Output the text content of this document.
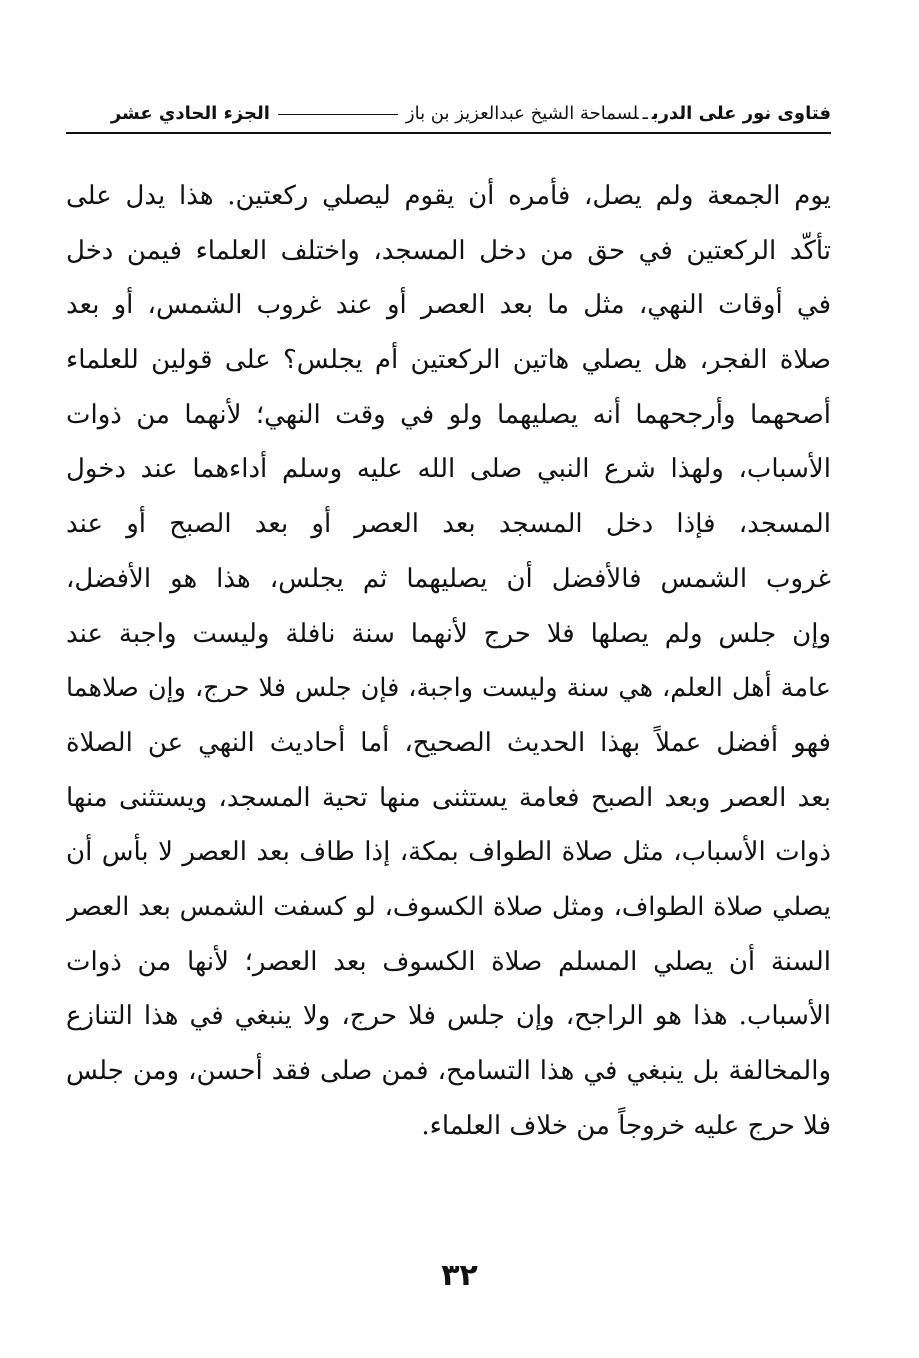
فتاوى نور على الدربـلسماحة الشيخ عبدالعزيز بن بازالجزء الحادي عشر
يوم الجمعة ولم يصل، فأمره أن يقوم ليصلي ركعتين. هذا يدل على
تأكّد الركعتين في حق من دخل المسجد، واختلف العلماء فيمن دخل
في أوقات النهي، مثل ما بعد العصر أو عند غروب الشمس، أو بعد
صلاة الفجر، هل يصلي هاتين الركعتين أم يجلس؟ على قولين للعلماء
أصحهما وأرجحهما أنه يصليهما ولو في وقت النهي؛ لأنهما من ذوات
الأسباب، ولهذا شرع النبي صلى الله عليه وسلم أداءهما عند دخول
المسجد، فإذا دخل المسجد بعد العصر أو بعد الصبح أو عند
غروب الشمس فالأفضل أن يصليهما ثم يجلس، هذا هو الأفضل،
وإن جلس ولم يصلها فلا حرج لأنهما سنة نافلة وليست واجبة عند
عامة أهل العلم، هي سنة وليست واجبة، فإن جلس فلا حرج، وإن صلاهما
فهو أفضل عملاً بهذا الحديث الصحيح، أما أحاديث النهي عن الصلاة
بعد العصر وبعد الصبح فعامة يستثنى منها تحية المسجد، ويستثنى منها
ذوات الأسباب، مثل صلاة الطواف بمكة، إذا طاف بعد العصر لا بأس أن
يصلي صلاة الطواف، ومثل صلاة الكسوف، لو كسفت الشمس بعد العصر
السنة أن يصلي المسلم صلاة الكسوف بعد العصر؛ لأنها من ذوات
الأسباب. هذا هو الراجح، وإن جلس فلا حرج، ولا ينبغي في هذا التنازع
والمخالفة بل ينبغي في هذا التسامح، فمن صلى فقد أحسن، ومن جلس
فلا حرج عليه خروجاً من خلاف العلماء.
٣٢
